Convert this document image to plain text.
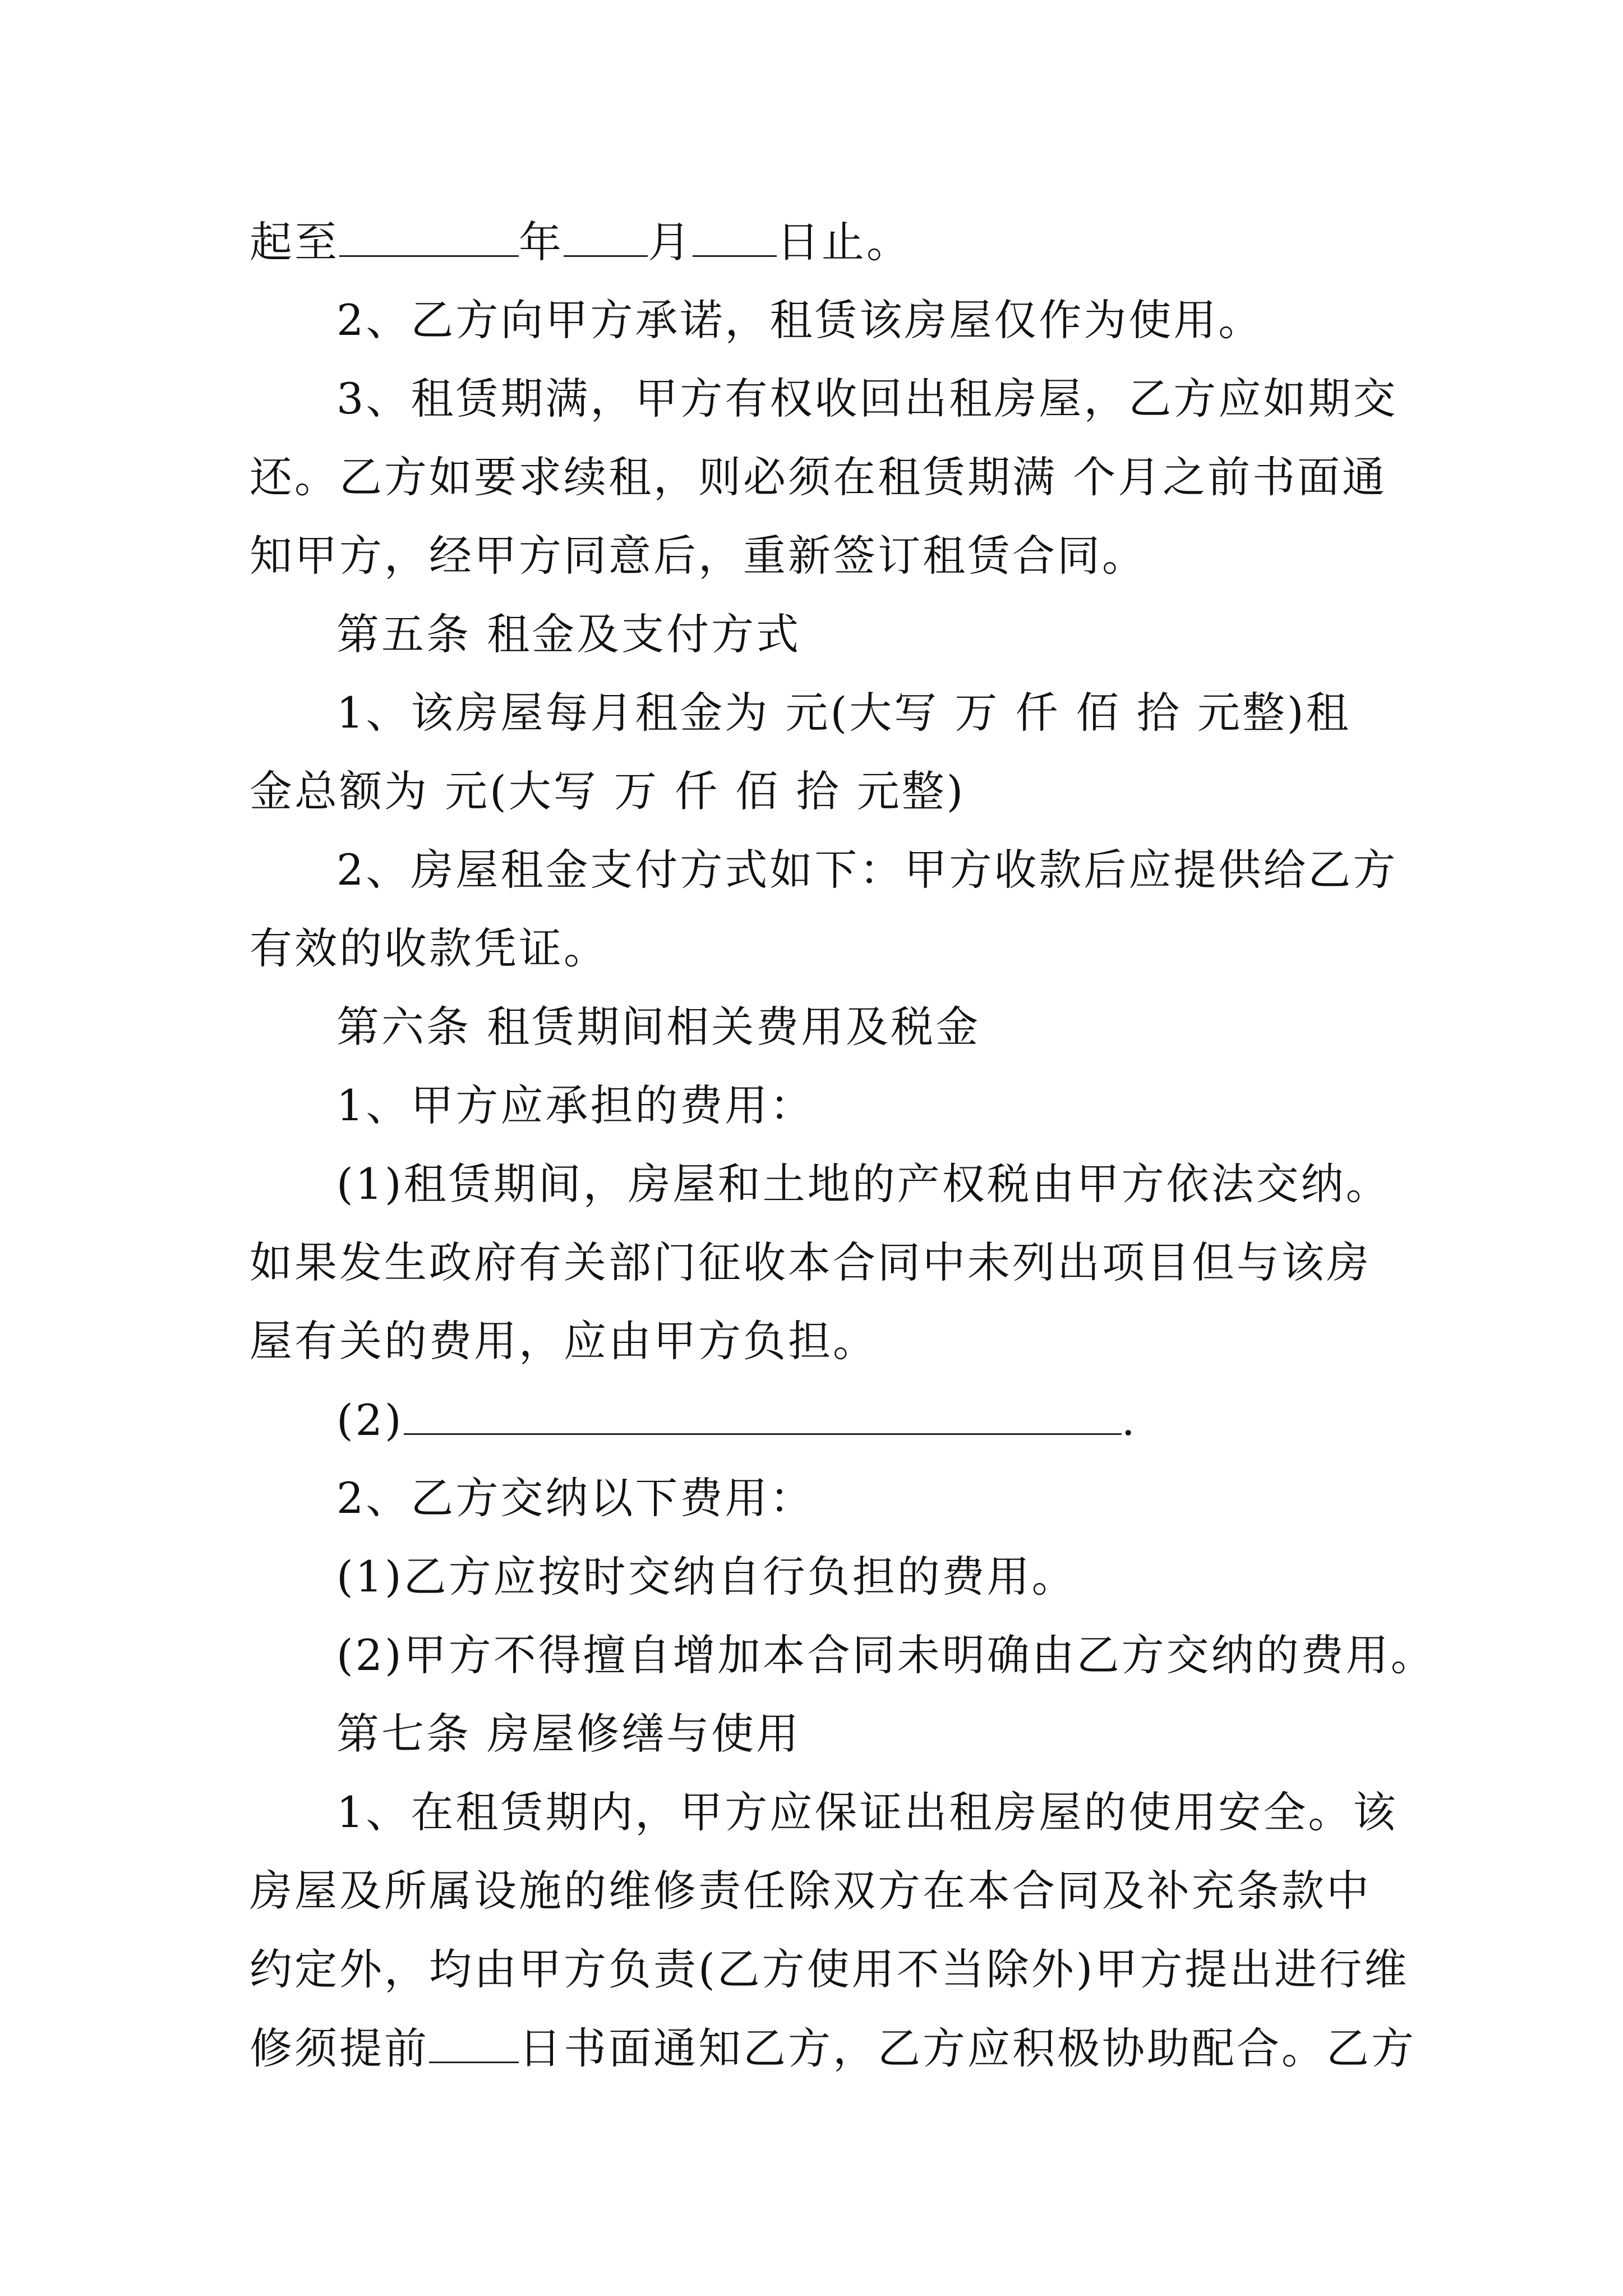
起至	年 月 日止。
2、乙方向甲方承诺，租赁该房屋仅作为使用。
3、租赁期满，甲方有权收回出租房屋，乙方应如期交
还。乙方如要求续租，则必须在租赁期满 个月之前书面通
知甲方，经甲方同意后，重新签订租赁合同。
第五条 租金及支付方式
1、该房屋每月租金为 元(大写 万 仟 佰 拾 元整)租
金总额为 元(大写 万 仟 佰 拾 元整)
2、房屋租金支付方式如下：甲方收款后应提供给乙方
有效的收款凭证。
第六条 租赁期间相关费用及税金
1、甲方应承担的费用：
(1)租赁期间，房屋和土地的产权税由甲方依法交纳。
如果发生政府有关部门征收本合同中未列出项目但与该房
屋有关的费用，应由甲方负担。
(2)	.
2、乙方交纳以下费用：
(1)乙方应按时交纳自行负担的费用。
(2)甲方不得擅自增加本合同未明确由乙方交纳的费用。
第七条 房屋修缮与使用
1、在租赁期内，甲方应保证出租房屋的使用安全。该
房屋及所属设施的维修责任除双方在本合同及补充条款中
约定外，均由甲方负责(乙方使用不当除外)甲方提出进行维
修须提前 日书面通知乙方，乙方应积极协助配合。乙方
